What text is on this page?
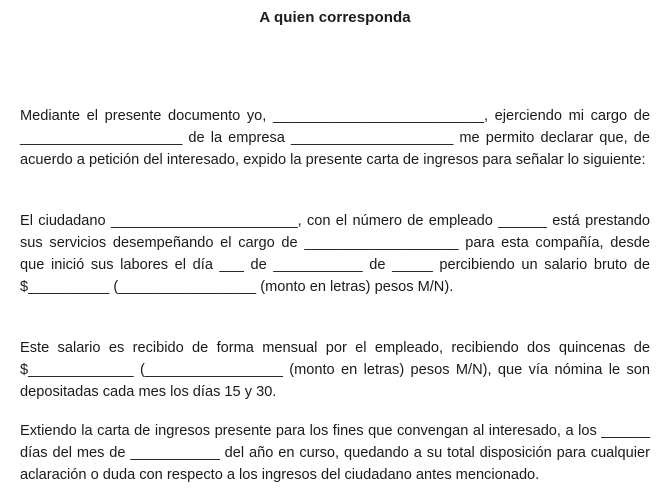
A quien corresponda

Mediante el presente documento yo, __________________________, ejerciendo mi cargo de ____________________ de la empresa ____________________ me permito declarar que, de acuerdo a petición del interesado, expido la presente carta de ingresos para señalar lo siguiente:

El ciudadano _______________________, con el número de empleado ______ está prestando sus servicios desempeñando el cargo de ___________________ para esta compañía, desde que inició sus labores el día ___ de ___________ de _____ percibiendo un salario bruto de $__________ (_________________ (monto en letras) pesos M/N).

Este salario es recibido de forma mensual por el empleado, recibiendo dos quincenas de $_____________ (_________________ (monto en letras) pesos M/N), que vía nómina le son depositadas cada mes los días 15 y 30.

Extiendo la carta de ingresos presente para los fines que convengan al interesado, a los ______ días del mes de ___________ del año en curso, quedando a su total disposición para cualquier aclaración o duda con respecto a los ingresos del ciudadano antes mencionado.
